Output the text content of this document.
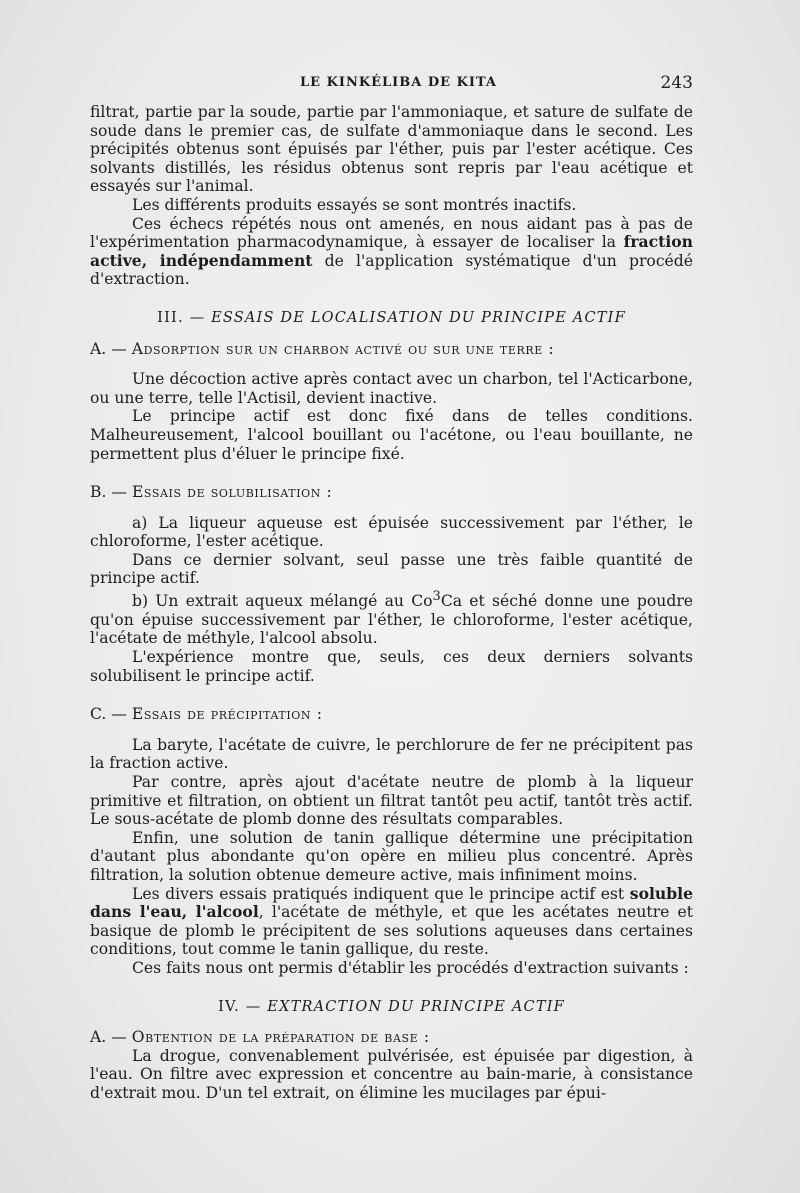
LE KINKÉLIBA DE KITA	243

filtrat, partie par la soude, partie par l'ammoniaque, et sature de sulfate de soude dans le premier cas, de sulfate d'ammoniaque dans le second. Les précipités obtenus sont épuisés par l'éther, puis par l'ester acétique. Ces solvants distillés, les résidus obtenus sont repris par l'eau acétique et essayés sur l'animal.

Les différents produits essayés se sont montrés inactifs.

Ces échecs répétés nous ont amenés, en nous aidant pas à pas de l'expérimentation pharmacodynamique, à essayer de localiser la fraction active, indépendamment de l'application systématique d'un procédé d'extraction.

III. — ESSAIS DE LOCALISATION DU PRINCIPE ACTIF

A. — Adsorption sur un charbon activé ou sur une terre :

Une décoction active après contact avec un charbon, tel l'Acticarbone, ou une terre, telle l'Actisil, devient inactive.

Le principe actif est donc fixé dans de telles conditions. Malheureusement, l'alcool bouillant ou l'acétone, ou l'eau bouillante, ne permettent plus d'éluer le principe fixé.

B. — Essais de solubilisation :

a) La liqueur aqueuse est épuisée successivement par l'éther, le chloroforme, l'ester acétique.

Dans ce dernier solvant, seul passe une très faible quantité de principe actif.

b) Un extrait aqueux mélangé au Co$^3$Ca et séché donne une poudre qu'on épuise successivement par l'éther, le chloroforme, l'ester acétique, l'acétate de méthyle, l'alcool absolu.

L'expérience montre que, seuls, ces deux derniers solvants solubilisent le principe actif.

C. — Essais de précipitation :

La baryte, l'acétate de cuivre, le perchlorure de fer ne précipitent pas la fraction active.

Par contre, après ajout d'acétate neutre de plomb à la liqueur primitive et filtration, on obtient un filtrat tantôt peu actif, tantôt très actif. Le sous-acétate de plomb donne des résultats comparables.

Enfin, une solution de tanin gallique détermine une précipitation d'autant plus abondante qu'on opère en milieu plus concentré. Après filtration, la solution obtenue demeure active, mais infiniment moins.

Les divers essais pratiqués indiquent que le principe actif est soluble dans l'eau, l'alcool, l'acétate de méthyle, et que les acétates neutre et basique de plomb le précipitent de ses solutions aqueuses dans certaines conditions, tout comme le tanin gallique, du reste.

Ces faits nous ont permis d'établir les procédés d'extraction suivants :

IV. — EXTRACTION DU PRINCIPE ACTIF

A. — Obtention de la préparation de base :

La drogue, convenablement pulvérisée, est épuisée par digestion, à l'eau. On filtre avec expression et concentre au bain-marie, à consistance d'extrait mou. D'un tel extrait, on élimine les mucilages par épui-
